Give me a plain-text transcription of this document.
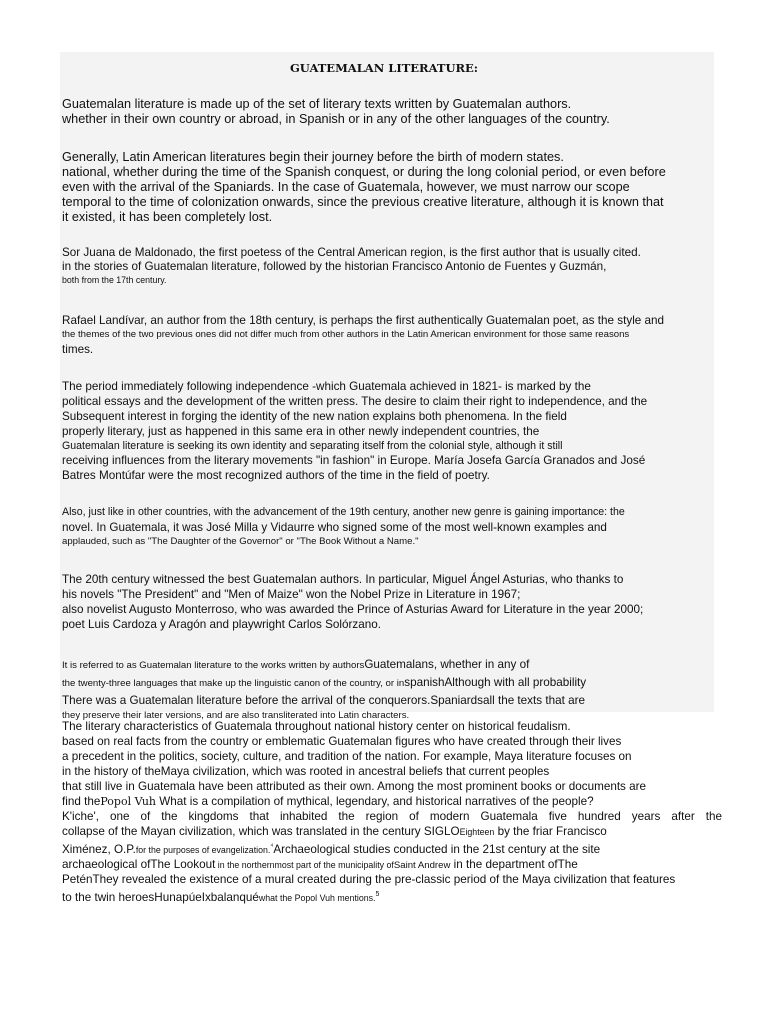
GUATEMALAN LITERATURE:
Guatemalan literature is made up of the set of literary texts written by Guatemalan authors.
whether in their own country or abroad, in Spanish or in any of the other languages of the country.
Generally, Latin American literatures begin their journey before the birth of modern states.
national, whether during the time of the Spanish conquest, or during the long colonial period, or even before
even with the arrival of the Spaniards. In the case of Guatemala, however, we must narrow our scope
temporal to the time of colonization onwards, since the previous creative literature, although it is known that
it existed, it has been completely lost.
Sor Juana de Maldonado, the first poetess of the Central American region, is the first author that is usually cited.
in the stories of Guatemalan literature, followed by the historian Francisco Antonio de Fuentes y Guzmán,
both from the 17th century.
Rafael Landívar, an author from the 18th century, is perhaps the first authentically Guatemalan poet, as the style and
the themes of the two previous ones did not differ much from other authors in the Latin American environment for those same reasons
times.
The period immediately following independence -which Guatemala achieved in 1821- is marked by the
political essays and the development of the written press. The desire to claim their right to independence, and the
Subsequent interest in forging the identity of the new nation explains both phenomena. In the field
properly literary, just as happened in this same era in other newly independent countries, the
Guatemalan literature is seeking its own identity and separating itself from the colonial style, although it still
receiving influences from the literary movements "in fashion" in Europe. María Josefa García Granados and José
Batres Montúfar were the most recognized authors of the time in the field of poetry.
Also, just like in other countries, with the advancement of the 19th century, another new genre is gaining importance: the
novel. In Guatemala, it was José Milla y Vidaurre who signed some of the most well-known examples and
applauded, such as "The Daughter of the Governor" or "The Book Without a Name."
The 20th century witnessed the best Guatemalan authors. In particular, Miguel Ángel Asturias, who thanks to
his novels "The President" and "Men of Maize" won the Nobel Prize in Literature in 1967;
also novelist Augusto Monterroso, who was awarded the Prince of Asturias Award for Literature in the year 2000;
poet Luis Cardoza y Aragón and playwright Carlos Solórzano.
It is referred to as Guatemalan literature to the works written by authorsGuatemalans, whether in any of
the twenty-three languages that make up the linguistic canon of the country, or inspanishAlthough with all probability
There was a Guatemalan literature before the arrival of the conquerors.Spaniardsall the texts that are
they preserve their later versions, and are also transliterated into Latin characters.
The literary characteristics of Guatemala throughout national history center on historical feudalism.
based on real facts from the country or emblematic Guatemalan figures who have created through their lives
a precedent in the politics, society, culture, and tradition of the nation. For example, Maya literature focuses on
in the history of theMaya civilization, which was rooted in ancestral beliefs that current peoples
that still live in Guatemala have been attributed as their own. Among the most prominent books or documents are
find thePopol Vuh What is a compilation of mythical, legendary, and historical narratives of the people?
K'iche', one of the kingdoms that inhabited the region of modern Guatemala five hundred years after the
collapse of the Mayan civilization, which was translated in the century SIGLOEighteen by the friar Francisco
Ximénez, O.P.for the purposes of evangelization.$^{^4}$Archaeological studies conducted in the 21st century at the site
archaeological ofThe Lookout in the northernmost part of the municipality ofSaint Andrew in the department ofThe
PeténThey revealed the existence of a mural created during the pre-classic period of the Maya civilization that features
to the twin heroesHunapúeIxbalanquéwhat the Popol Vuh mentions.$^5$
